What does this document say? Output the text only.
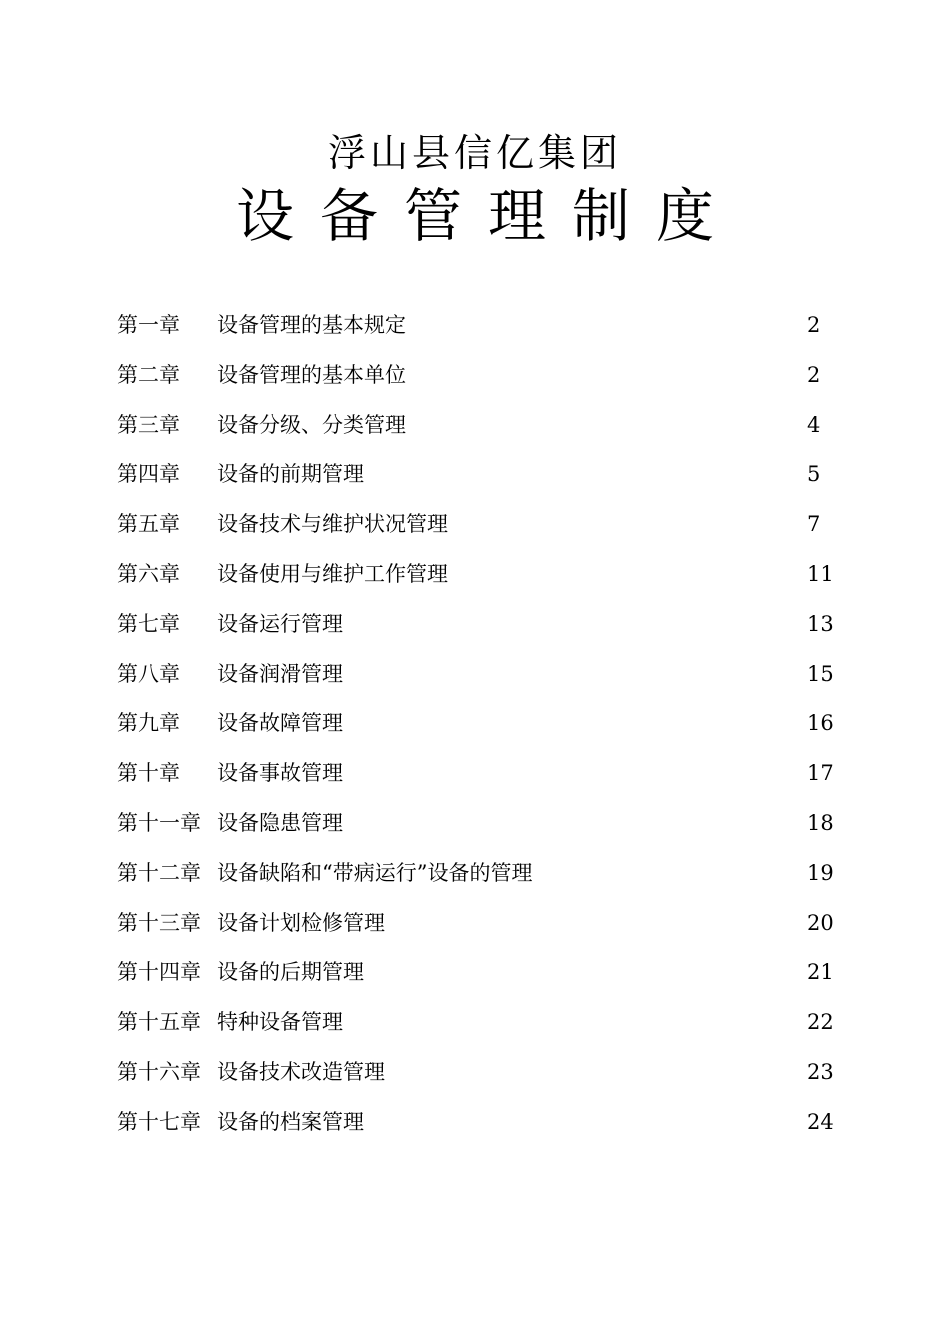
浮山县信亿集团
设备管理制度
第一章 设备管理的基本规定	2
第二章 设备管理的基本单位	2
第三章 设备分级、分类管理	4
第四章 设备的前期管理	5
第五章 设备技术与维护状况管理	7
第六章 设备使用与维护工作管理	11
第七章 设备运行管理	13
第八章 设备润滑管理	15
第九章 设备故障管理	16
第十章 设备事故管理	17
第十一章 设备隐患管理	18
第十二章 设备缺陷和“带病运行”设备的管理	19
第十三章 设备计划检修管理	20
第十四章 设备的后期管理	21
第十五章 特种设备管理	22
第十六章 设备技术改造管理	23
第十七章 设备的档案管理	24
